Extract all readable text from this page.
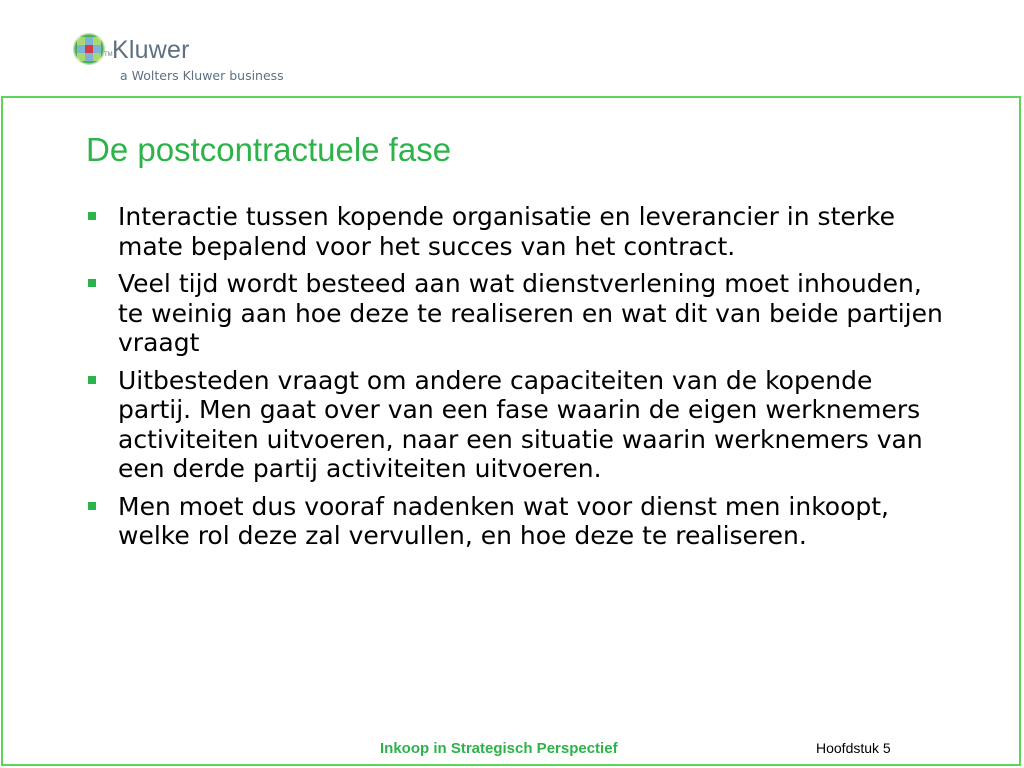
TM Kluwer
a Wolters Kluwer business
De postcontractuele fase
Interactie tussen kopende organisatie en leverancier in sterke mate bepalend voor het succes van het contract.
Veel tijd wordt besteed aan wat dienstverlening moet inhouden, te weinig aan hoe deze te realiseren en wat dit van beide partijen vraagt
Uitbesteden vraagt om andere capaciteiten van de kopende partij. Men gaat over van een fase waarin de eigen werknemers activiteiten uitvoeren, naar een situatie waarin werknemers van een derde partij activiteiten uitvoeren.
Men moet dus vooraf nadenken wat voor dienst men inkoopt, welke rol deze zal vervullen, en hoe deze te realiseren.
Inkoop in Strategisch Perspectief	Hoofdstuk 5
